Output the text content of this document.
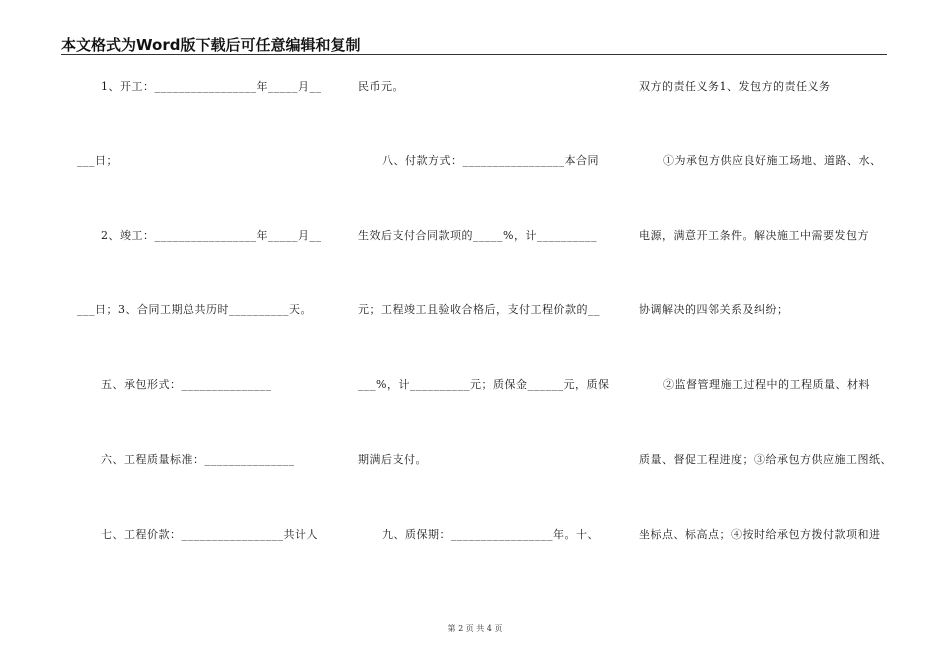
本文格式为Word版下载后可任意编辑和复制
1、开工：_________________年_____月__
___日；
2、竣工：_________________年_____月__
___日；3、合同工期总共历时__________天。
五、承包形式：_______________
六、工程质量标准：_______________
七、工程价款：_________________共计人
民币元。
八、付款方式：_________________本合同
生效后支付合同款项的_____%，计__________
元；工程竣工且验收合格后，支付工程价款的__
___%，计__________元；质保金______元，质保
期满后支付。
九、质保期：_________________年。十、
双方的责任义务1、发包方的责任义务
①为承包方供应良好施工场地、道路、水、
电源，满意开工条件。解决施工中需要发包方
协调解决的四邻关系及纠纷；
②监督管理施工过程中的工程质量、材料
质量、督促工程进度；③给承包方供应施工图纸、
坐标点、标高点；④按时给承包方拨付款项和进
第 2 页 共 4 页
